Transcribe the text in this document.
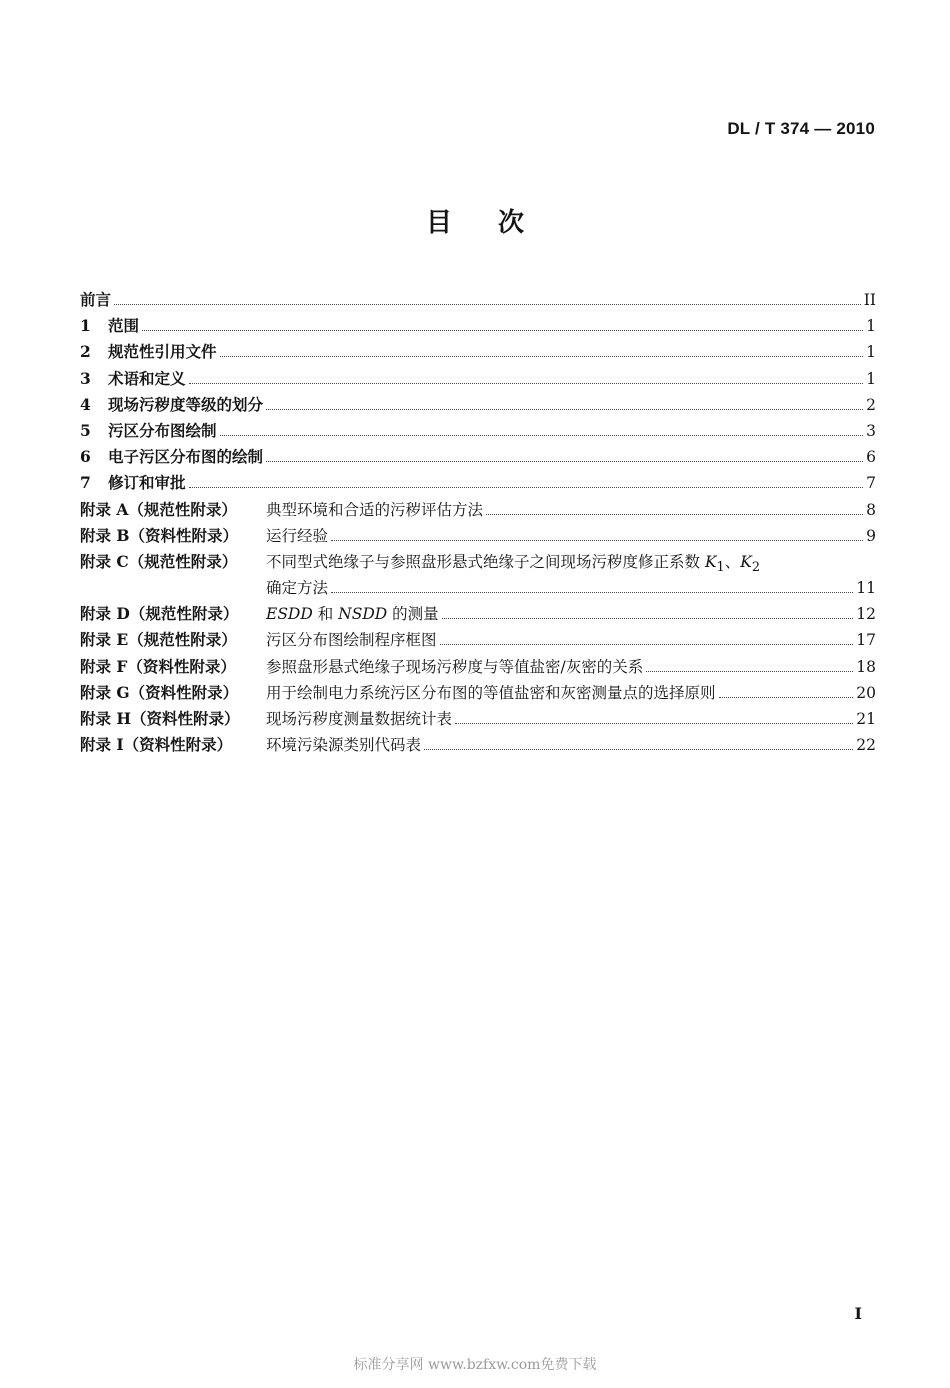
DL / T 374 — 2010
目次
前言	II
1	范围	1
2	规范性引用文件	1
3	术语和定义	1
4	现场污秽度等级的划分	2
5	污区分布图绘制	3
6	电子污区分布图的绘制	6
7	修订和审批	7
附录 A（规范性附录）	典型环境和合适的污秽评估方法	8
附录 B（资料性附录）	运行经验	9
附录 C（规范性附录）	不同型式绝缘子与参照盘形悬式绝缘子之间现场污秽度修正系数 $K_1$、$K_2$
确定方法	11
附录 D（规范性附录）	ESDD 和 NSDD 的测量	12
附录 E（规范性附录）	污区分布图绘制程序框图	17
附录 F（资料性附录）	参照盘形悬式绝缘子现场污秽度与等值盐密/灰密的关系	18
附录 G（资料性附录）	用于绘制电力系统污区分布图的等值盐密和灰密测量点的选择原则	20
附录 H（资料性附录）	现场污秽度测量数据统计表	21
附录 I（资料性附录）	环境污染源类别代码表	22
I
标准分享网 www.bzfxw.com免费下载
